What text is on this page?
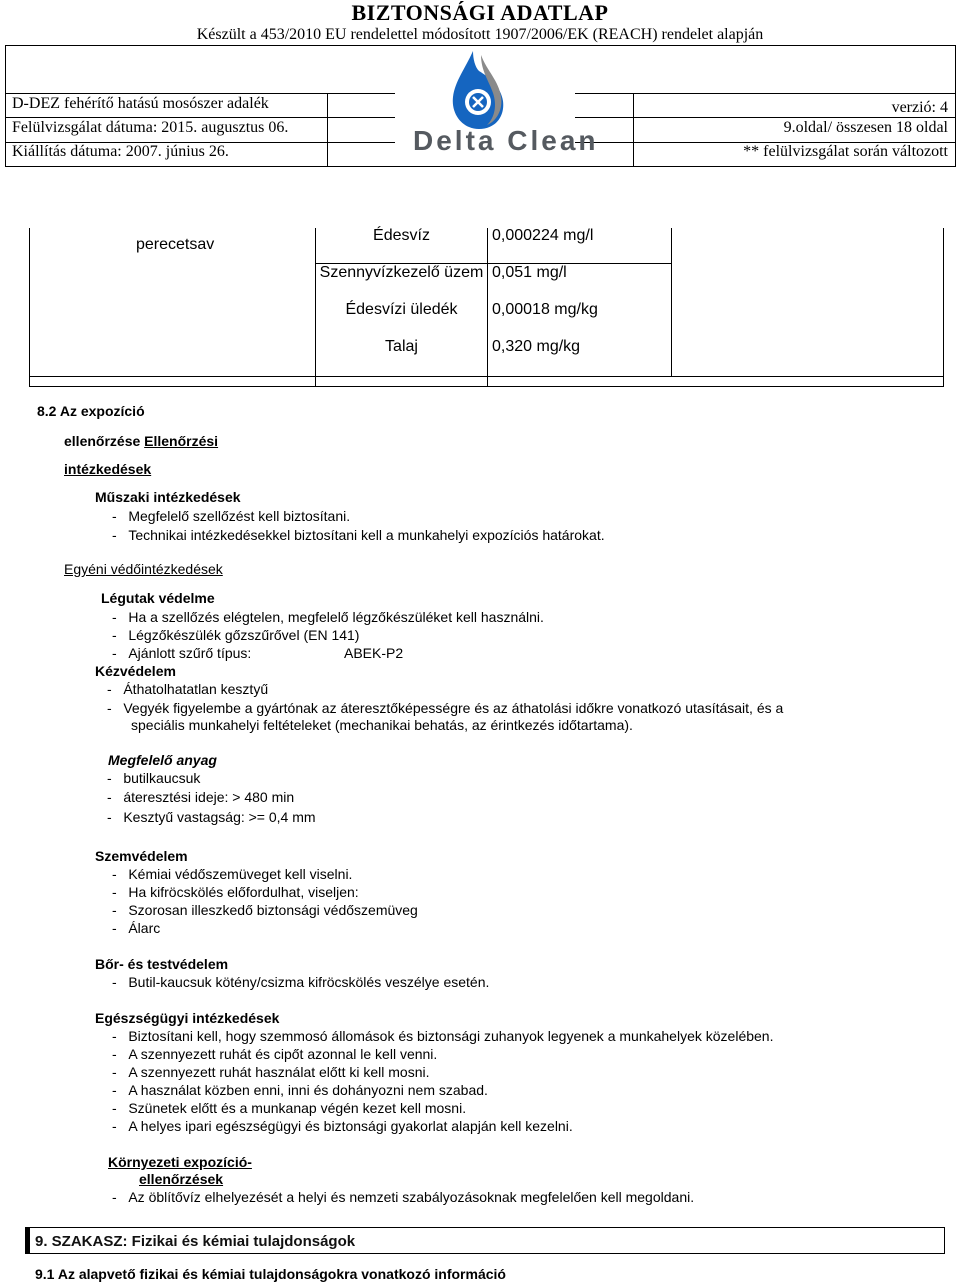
BIZTONSÁGI ADATLAP
Készült a 453/2010 EU rendelettel módosított 1907/2006/EK (REACH) rendelet alapján
D-DEZ fehérítő hatású mosószer adalék
Felülvizsgálat dátuma: 2015. augusztus 06.
Kiállítás dátuma: 2007. június 26.
verzió: 4
9.oldal/ összesen 18 oldal
** felülvizsgálat során változott
Delta Clean
perecetsav
Édesvíz
Szennyvízkezelő üzem
Édesvízi üledék
Talaj
0,000224 mg/l
0,051 mg/l
0,00018 mg/kg
0,320 mg/kg
8.2 Az expozíció
ellenőrzése Ellenőrzési
intézkedések
Műszaki intézkedések
-   Megfelelő szellőzést kell biztosítani.
-   Technikai intézkedésekkel biztosítani kell a munkahelyi expozíciós határokat.
Egyéni védőintézkedések
Légutak védelme
-   Ha a szellőzés elégtelen, megfelelő légzőkészüléket kell használni.
-   Légzőkészülék gőzszűrővel (EN 141)
-   Ajánlott szűrő típus:	ABEK-P2
Kézvédelem
-   Áthatolhatatlan kesztyű
-   Vegyék figyelembe a gyártónak az áteresztőképességre és az áthatolási időkre vonatkozó utasításait, és a
speciális munkahelyi feltételeket (mechanikai behatás, az érintkezés időtartama).
Megfelelő anyag
-   butilkaucsuk
-   áteresztési ideje: > 480 min
-   Kesztyű vastagság: >= 0,4 mm
Szemvédelem
-   Kémiai védőszemüveget kell viselni.
-   Ha kifröcskölés előfordulhat, viseljen:
-   Szorosan illeszkedő biztonsági védőszemüveg
-   Álarc
Bőr- és testvédelem
-   Butil-kaucsuk kötény/csizma kifröcskölés veszélye esetén.
Egészségügyi intézkedések
-   Biztosítani kell, hogy szemmosó állomások és biztonsági zuhanyok legyenek a munkahelyek közelében.
-   A szennyezett ruhát és cipőt azonnal le kell venni.
-   A szennyezett ruhát használat előtt ki kell mosni.
-   A használat közben enni, inni és dohányozni nem szabad.
-   Szünetek előtt és a munkanap végén kezet kell mosni.
-   A helyes ipari egészségügyi és biztonsági gyakorlat alapján kell kezelni.
Környezeti expozíció-
ellenőrzések
-   Az öblítővíz elhelyezését a helyi és nemzeti szabályozásoknak megfelelően kell megoldani.
9. SZAKASZ: Fizikai és kémiai tulajdonságok
9.1 Az alapvető fizikai és kémiai tulajdonságokra vonatkozó információ
